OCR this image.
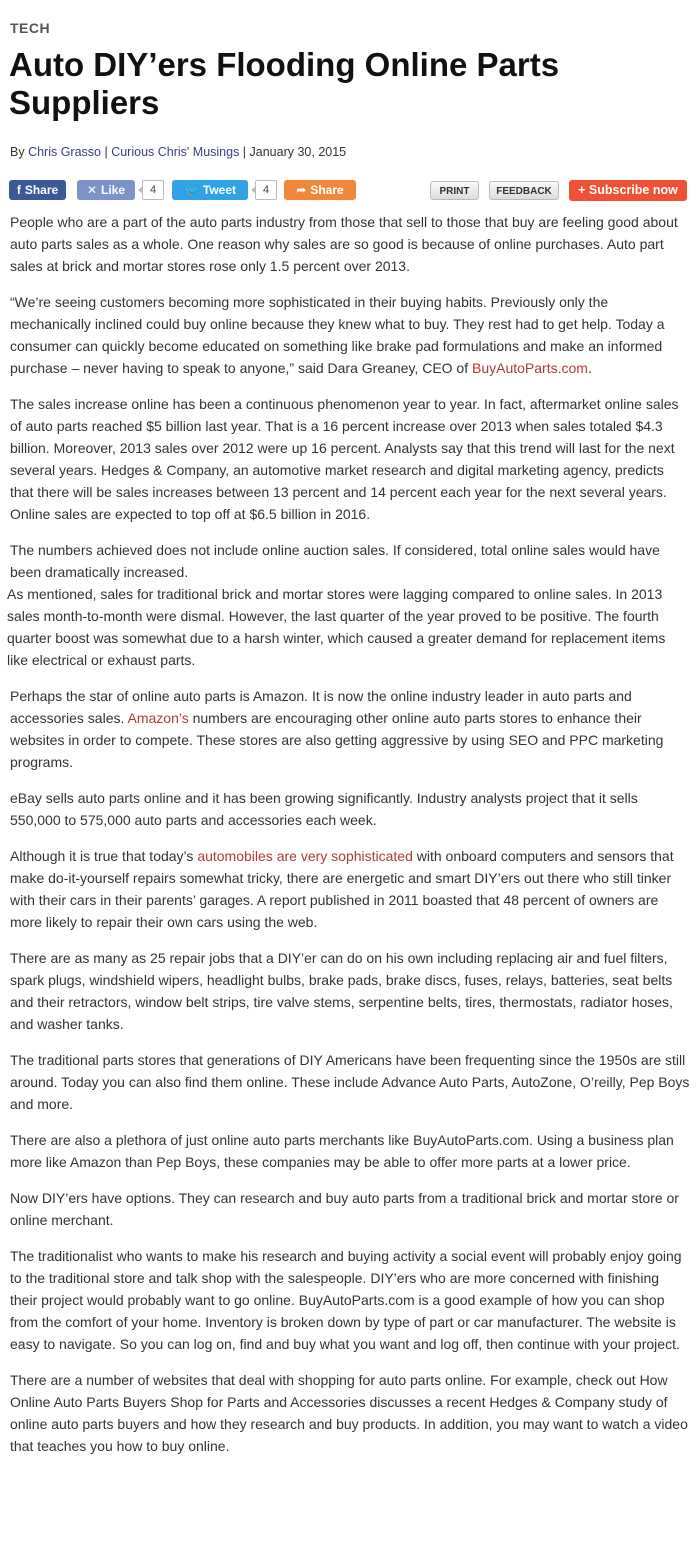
TECH
Auto DIY’ers Flooding Online Parts Suppliers
By Chris Grasso | Curious Chris' Musings | January 30, 2015
f Share	✕ Like	4	🐦 Tweet	4	➦ Share	PRINT	FEEDBACK	+ Subscribe now

People who are a part of the auto parts industry from those that sell to those that buy are feeling good about auto parts sales as a whole. One reason why sales are so good is because of online purchases. Auto part sales at brick and mortar stores rose only 1.5 percent over 2013.

“We’re seeing customers becoming more sophisticated in their buying habits. Previously only the mechanically inclined could buy online because they knew what to buy. They rest had to get help. Today a consumer can quickly become educated on something like brake pad formulations and make an informed purchase – never having to speak to anyone,” said Dara Greaney, CEO of BuyAutoParts.com.

The sales increase online has been a continuous phenomenon year to year. In fact, aftermarket online sales of auto parts reached $5 billion last year. That is a 16 percent increase over 2013 when sales totaled $4.3 billion. Moreover, 2013 sales over 2012 were up 16 percent. Analysts say that this trend will last for the next several years. Hedges & Company, an automotive market research and digital marketing agency, predicts that there will be sales increases between 13 percent and 14 percent each year for the next several years. Online sales are expected to top off at $6.5 billion in 2016.

The numbers achieved does not include online auction sales. If considered, total online sales would have been dramatically increased.

As mentioned, sales for traditional brick and mortar stores were lagging compared to online sales. In 2013 sales month-to-month were dismal. However, the last quarter of the year proved to be positive. The fourth quarter boost was somewhat due to a harsh winter, which caused a greater demand for replacement items like electrical or exhaust parts.

Perhaps the star of online auto parts is Amazon. It is now the online industry leader in auto parts and accessories sales. Amazon’s numbers are encouraging other online auto parts stores to enhance their websites in order to compete. These stores are also getting aggressive by using SEO and PPC marketing programs.

eBay sells auto parts online and it has been growing significantly. Industry analysts project that it sells 550,000 to 575,000 auto parts and accessories each week.

Although it is true that today’s automobiles are very sophisticated with onboard computers and sensors that make do-it-yourself repairs somewhat tricky, there are energetic and smart DIY’ers out there who still tinker with their cars in their parents’ garages. A report published in 2011 boasted that 48 percent of owners are more likely to repair their own cars using the web.

There are as many as 25 repair jobs that a DIY’er can do on his own including replacing air and fuel filters, spark plugs, windshield wipers, headlight bulbs, brake pads, brake discs, fuses, relays, batteries, seat belts and their retractors, window belt strips, tire valve stems, serpentine belts, tires, thermostats, radiator hoses, and washer tanks.

The traditional parts stores that generations of DIY Americans have been frequenting since the 1950s are still around. Today you can also find them online. These include Advance Auto Parts, AutoZone, O’reilly, Pep Boys and more.

There are also a plethora of just online auto parts merchants like BuyAutoParts.com. Using a business plan more like Amazon than Pep Boys, these companies may be able to offer more parts at a lower price.

Now DIY’ers have options. They can research and buy auto parts from a traditional brick and mortar store or online merchant.

The traditionalist who wants to make his research and buying activity a social event will probably enjoy going to the traditional store and talk shop with the salespeople. DIY’ers who are more concerned with finishing their project would probably want to go online. BuyAutoParts.com is a good example of how you can shop from the comfort of your home. Inventory is broken down by type of part or car manufacturer. The website is easy to navigate. So you can log on, find and buy what you want and log off, then continue with your project.

There are a number of websites that deal with shopping for auto parts online. For example, check out How Online Auto Parts Buyers Shop for Parts and Accessories discusses a recent Hedges & Company study of online auto parts buyers and how they research and buy products. In addition, you may want to watch a video that teaches you how to buy online.
